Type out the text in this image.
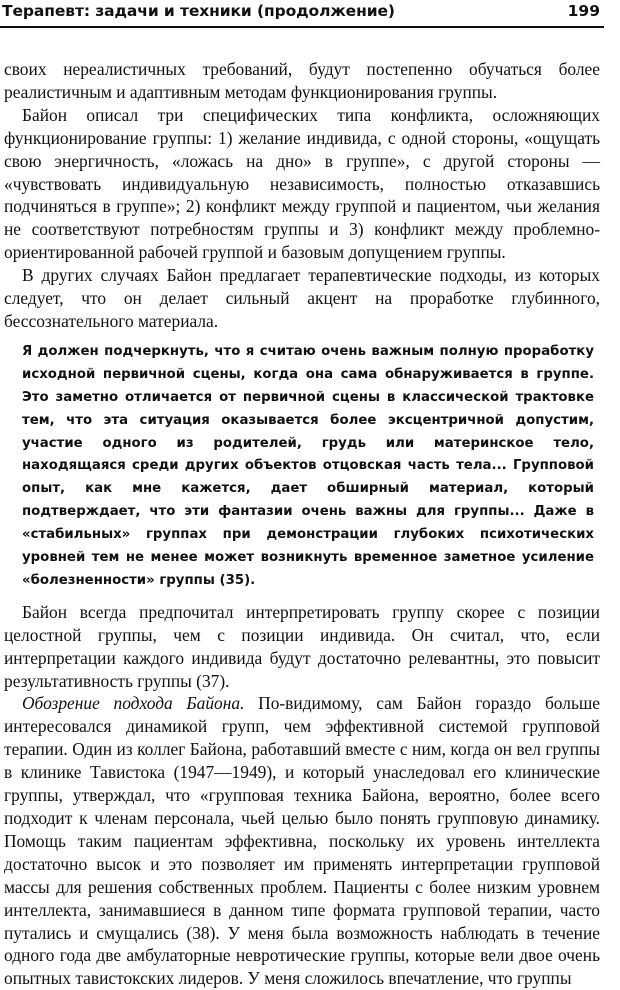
Терапевт: задачи и техники (продолжение)	199

своих нереалистичных требований, будут постепенно обучаться более реалистичным и адаптивным методам функционирования группы.

Байон описал три специфических типа конфликта, осложняющих функционирование группы: 1) желание индивида, с одной стороны, «ощущать свою энергичность, «ложась на дно» в группе», с другой стороны — «чувствовать индивидуальную независимость, полностью отказавшись подчиняться в группе»; 2) конфликт между группой и пациентом, чьи желания не соответствуют потребностям группы и 3) конфликт между проблемно-ориентированной рабочей группой и базовым допущением группы.

В других случаях Байон предлагает терапевтические подходы, из которых следует, что он делает сильный акцент на проработке глубинного, бессознательного материала.

Я должен подчеркнуть, что я считаю очень важным полную проработку исходной первичной сцены, когда она сама обнаруживается в группе. Это заметно отличается от первичной сцены в классической трактовке тем, что эта ситуация оказывается более эксцентричной допустим, участие одного из родителей, грудь или материнское тело, находящаяся среди других объектов отцовская часть тела... Групповой опыт, как мне кажется, дает обширный материал, который подтверждает, что эти фантазии очень важны для группы... Даже в «стабильных» группах при демонстрации глубоких психотических уровней тем не менее может возникнуть временное заметное усиление «болезненности» группы (35).

Байон всегда предпочитал интерпретировать группу скорее с позиции целостной группы, чем с позиции индивида. Он считал, что, если интерпретации каждого индивида будут достаточно релевантны, это повысит результативность группы (37).

Обозрение подхода Байона. По-видимому, сам Байон гораздо больше интересовался динамикой групп, чем эффективной системой групповой терапии. Один из коллег Байона, работавший вместе с ним, когда он вел группы в клинике Тавистока (1947—1949), и который унаследовал его клинические группы, утверждал, что «групповая техника Байона, вероятно, более всего подходит к членам персонала, чьей целью было понять групповую динамику. Помощь таким пациентам эффективна, поскольку их уровень интеллекта достаточно высок и это позволяет им применять интерпретации групповой массы для решения собственных проблем. Пациенты с более низким уровнем интеллекта, занимавшиеся в данном типе формата групповой терапии, часто путались и смущались (38). У меня была возможность наблюдать в течение одного года две амбулаторные невротические группы, которые вели двое очень опытных тавистокских лидеров. У меня сложилось впечатление, что группы
